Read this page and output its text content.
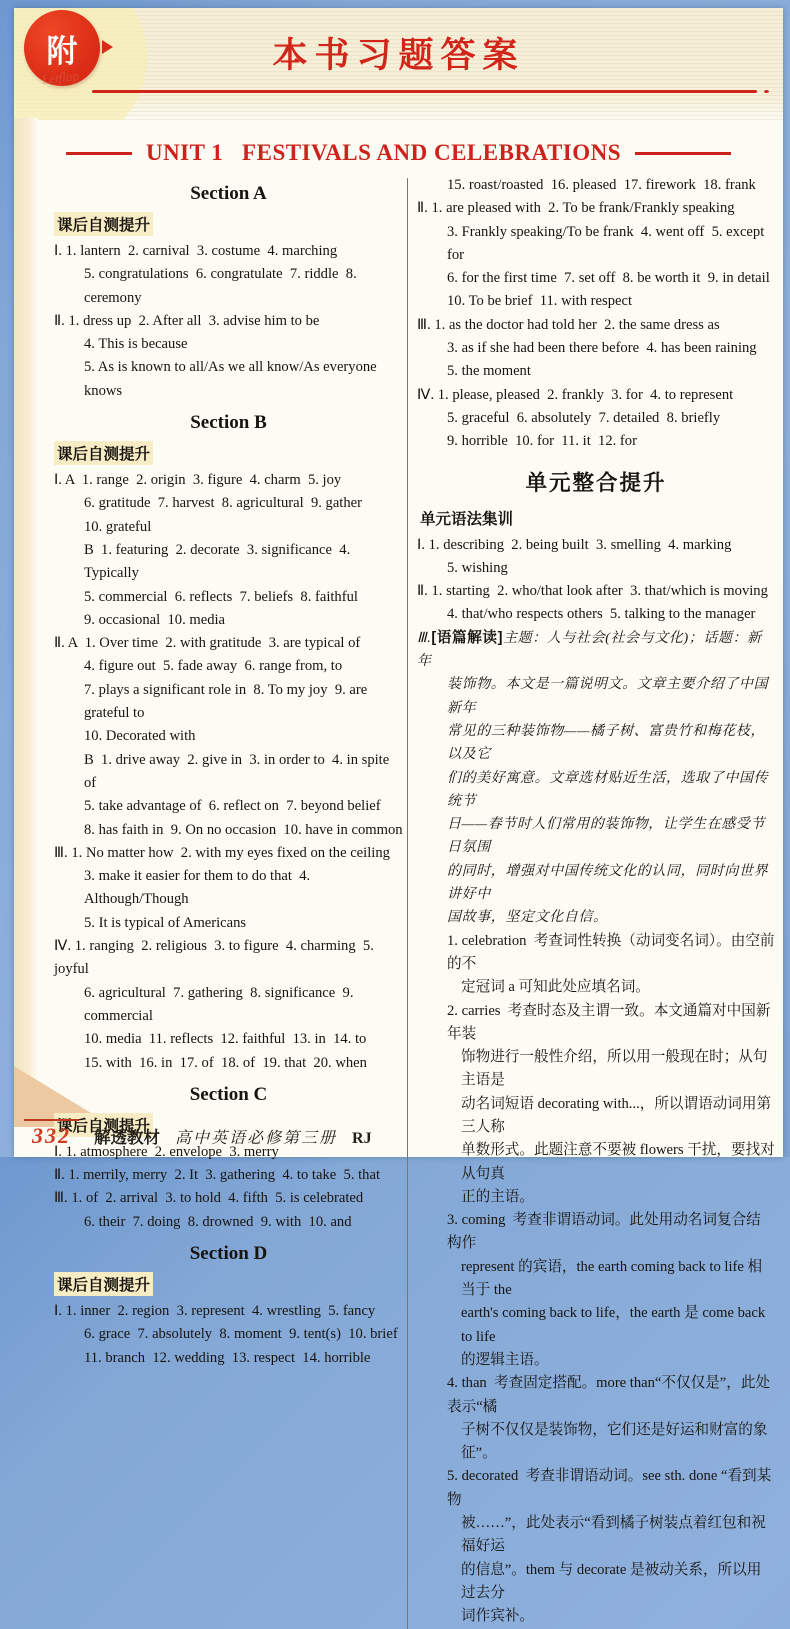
附
Letflap
本书习题答案
UNIT 1   FESTIVALS AND CELEBRATIONS
Section A
课后自测提升
Ⅰ. 1. lantern  2. carnival  3. costume  4. marching
5. congratulations  6. congratulate  7. riddle  8. ceremony
Ⅱ. 1. dress up  2. After all  3. advise him to be
4. This is because
5. As is known to all/As we all know/As everyone knows
Section B
课后自测提升
Ⅰ. A  1. range  2. origin  3. figure  4. charm  5. joy
6. gratitude  7. harvest  8. agricultural  9. gather
10. grateful
B  1. featuring  2. decorate  3. significance  4. Typically
5. commercial  6. reflects  7. beliefs  8. faithful
9. occasional  10. media
Ⅱ. A  1. Over time  2. with gratitude  3. are typical of
4. figure out  5. fade away  6. range from, to
7. plays a significant role in  8. To my joy  9. are grateful to
10. Decorated with
B  1. drive away  2. give in  3. in order to  4. in spite of
5. take advantage of  6. reflect on  7. beyond belief
8. has faith in  9. On no occasion  10. have in common
Ⅲ. 1. No matter how  2. with my eyes fixed on the ceiling
3. make it easier for them to do that  4. Although/Though
5. It is typical of Americans
Ⅳ. 1. ranging  2. religious  3. to figure  4. charming  5. joyful
6. agricultural  7. gathering  8. significance  9. commercial
10. media  11. reflects  12. faithful  13. in  14. to
15. with  16. in  17. of  18. of  19. that  20. when
Section C
课后自测提升
Ⅰ. 1. atmosphere  2. envelope  3. merry
Ⅱ. 1. merrily, merry  2. It  3. gathering  4. to take  5. that
Ⅲ. 1. of  2. arrival  3. to hold  4. fifth  5. is celebrated
6. their  7. doing  8. drowned  9. with  10. and
Section D
课后自测提升
Ⅰ. 1. inner  2. region  3. represent  4. wrestling  5. fancy
6. grace  7. absolutely  8. moment  9. tent(s)  10. brief
11. branch  12. wedding  13. respect  14. horrible
15. roast/roasted  16. pleased  17. firework  18. frank
Ⅱ. 1. are pleased with  2. To be frank/Frankly speaking
3. Frankly speaking/To be frank  4. went off  5. except for
6. for the first time  7. set off  8. be worth it  9. in detail
10. To be brief  11. with respect
Ⅲ. 1. as the doctor had told her  2. the same dress as
3. as if she had been there before  4. has been raining
5. the moment
Ⅳ. 1. please, pleased  2. frankly  3. for  4. to represent
5. graceful  6. absolutely  7. detailed  8. briefly
9. horrible  10. for  11. it  12. for
单元整合提升
单元语法集训
Ⅰ. 1. describing  2. being built  3. smelling  4. marking
5. wishing
Ⅱ. 1. starting  2. who/that look after  3. that/which is moving
4. that/who respects others  5. talking to the manager
Ⅲ.[语篇解读]主题：人与社会(社会与文化)；话题：新年
装饰物。本文是一篇说明文。文章主要介绍了中国新年
常见的三种装饰物——橘子树、富贵竹和梅花枝，以及它
们的美好寓意。文章选材贴近生活，选取了中国传统节
日——春节时人们常用的装饰物，让学生在感受节日氛围
的同时，增强对中国传统文化的认同，同时向世界讲好中
国故事，坚定文化自信。
1. celebration  考查词性转换（动词变名词）。由空前的不
定冠词 a 可知此处应填名词。
2. carries  考查时态及主谓一致。本文通篇对中国新年装
饰物进行一般性介绍，所以用一般现在时；从句主语是
动名词短语 decorating with...，所以谓语动词用第三人称
单数形式。此题注意不要被 flowers 干扰，要找对从句真
正的主语。
3. coming  考查非谓语动词。此处用动名词复合结构作
represent 的宾语，the earth coming back to life 相当于 the
earth's coming back to life，the earth 是 come back to life
的逻辑主语。
4. than  考查固定搭配。more than“不仅仅是”，此处表示“橘
子树不仅仅是装饰物，它们还是好运和财富的象征”。
5. decorated  考查非谓语动词。see sth. done “看到某物
被……”，此处表示“看到橘子树装点着红包和祝福好运
的信息”。them 与 decorate 是被动关系，所以用过去分
词作宾补。
332	解透教材 高中英语必修第三册 RJ
